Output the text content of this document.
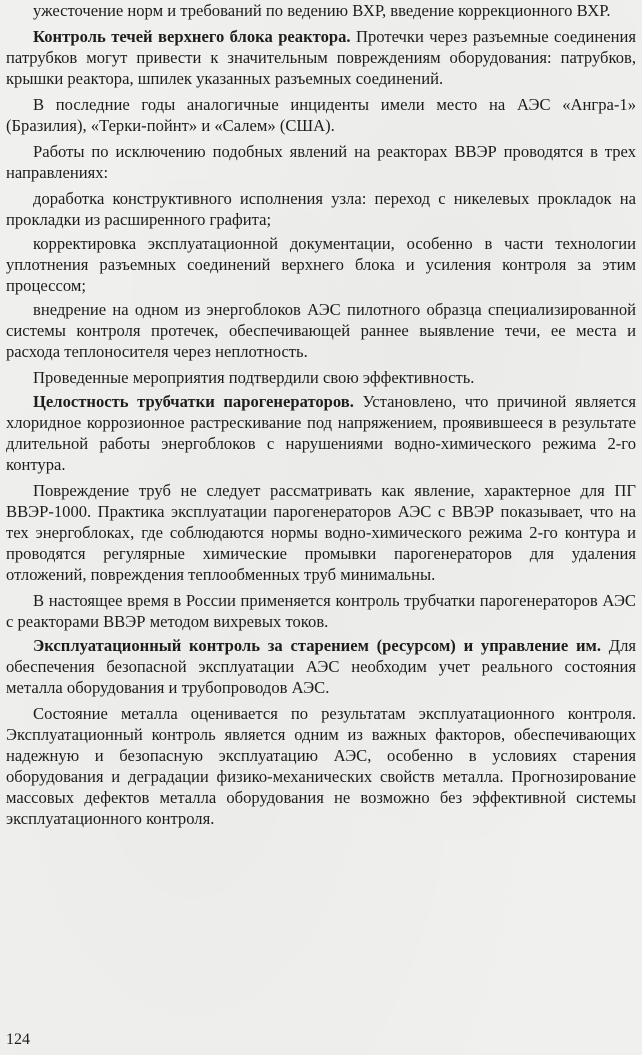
ужесточение норм и требований по ведению ВХР, введение коррекционного ВХР.

Контроль течей верхнего блока реактора. Протечки через разъемные соединения патрубков могут привести к значительным повреждениям оборудования: патрубков, крышки реактора, шпилек указанных разъемных соединений.

В последние годы аналогичные инциденты имели место на АЭС «Ангра-1» (Бразилия), «Терки-пойнт» и «Салем» (США).

Работы по исключению подобных явлений на реакторах ВВЭР проводятся в трех направлениях:

доработка конструктивного исполнения узла: переход с никелевых прокладок на прокладки из расширенного графита;

корректировка эксплуатационной документации, особенно в части технологии уплотнения разъемных соединений верхнего блока и усиления контроля за этим процессом;

внедрение на одном из энергоблоков АЭС пилотного образца специализированной системы контроля протечек, обеспечивающей раннее выявление течи, ее места и расхода теплоносителя через неплотность.

Проведенные мероприятия подтвердили свою эффективность.

Целостность трубчатки парогенераторов. Установлено, что причиной является хлоридное коррозионное растрескивание под напряжением, проявившееся в результате длительной работы энергоблоков с нарушениями водно-химического режима 2-го контура.

Повреждение труб не следует рассматривать как явление, характерное для ПГ ВВЭР-1000. Практика эксплуатации парогенераторов АЭС с ВВЭР показывает, что на тех энергоблоках, где соблюдаются нормы водно-химического режима 2-го контура и проводятся регулярные химические промывки парогенераторов для удаления отложений, повреждения теплообменных труб минимальны.

В настоящее время в России применяется контроль трубчатки парогенераторов АЭС с реакторами ВВЭР методом вихревых токов.

Эксплуатационный контроль за старением (ресурсом) и управление им. Для обеспечения безопасной эксплуатации АЭС необходим учет реального состояния металла оборудования и трубопроводов АЭС.

Состояние металла оценивается по результатам эксплуатационного контроля. Эксплуатационный контроль является одним из важных факторов, обеспечивающих надежную и безопасную эксплуатацию АЭС, особенно в условиях старения оборудования и деградации физико-механических свойств металла. Прогнозирование массовых дефектов металла оборудования не возможно без эффективной системы эксплуатационного контроля.

124
